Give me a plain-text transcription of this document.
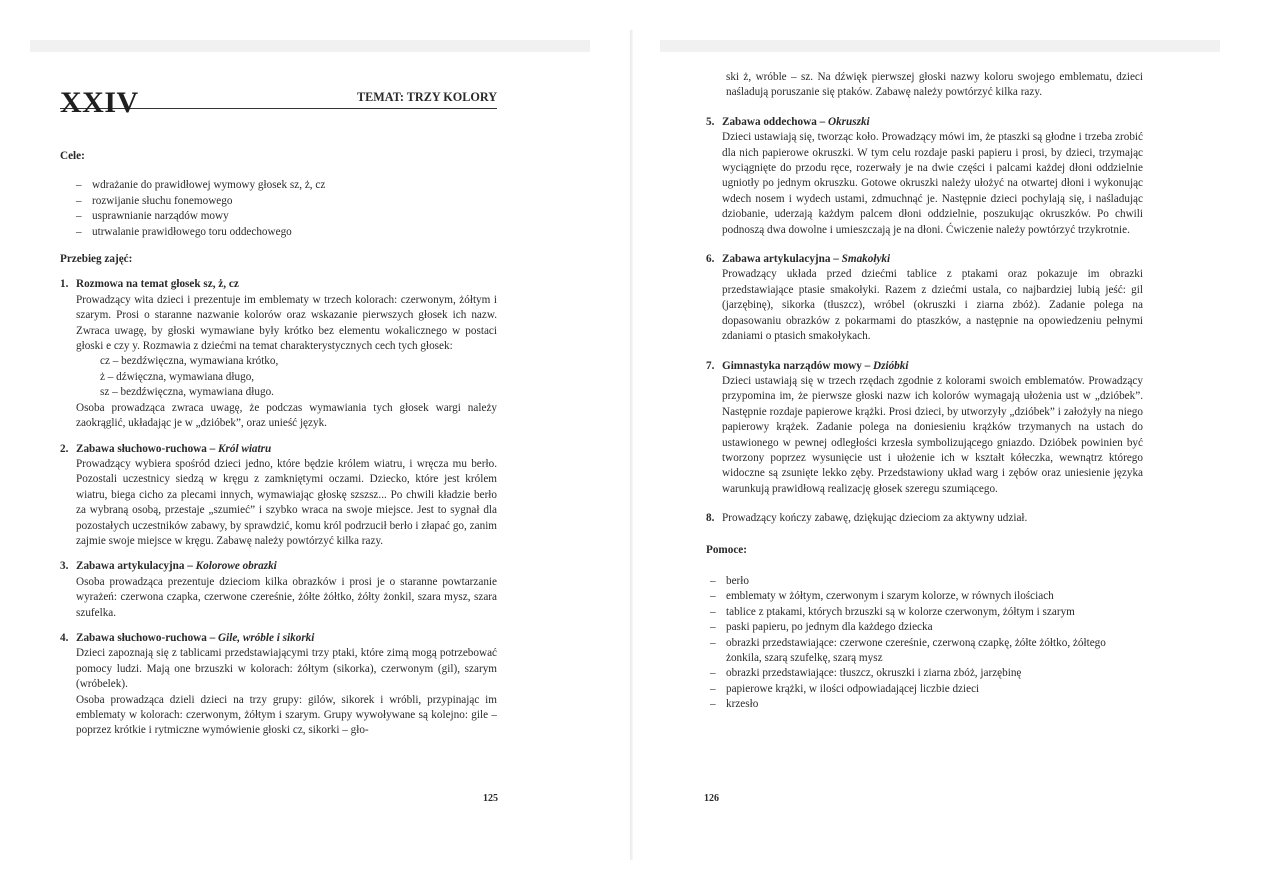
XXIV	TEMAT: TRZY KOLORY
Cele:
– wdrażanie do prawidłowej wymowy głosek sz, ż, cz
– rozwijanie słuchu fonemowego
– usprawnianie narządów mowy
– utrwalanie prawidłowego toru oddechowego
Przebieg zajęć:
1. Rozmowa na temat głosek sz, ż, cz

Prowadzący wita dzieci i prezentuje im emblematy w trzech kolorach: czerwonym, żółtym i szarym. Prosi o staranne nazwanie kolorów oraz wskazanie pierwszych głosek ich nazw. Zwraca uwagę, by głoski wymawiane były krótko bez elementu wokalicznego w postaci głoski e czy y. Rozmawia z dziećmi na temat charakterystycznych cech tych głosek:

cz – bezdźwięczna, wymawiana krótko,
ż – dźwięczna, wymawiana długo,
sz – bezdźwięczna, wymawiana długo.

Osoba prowadząca zwraca uwagę, że podczas wymawiania tych głosek wargi należy zaokrąglić, układając je w „dzióbek”, oraz unieść język.

2. Zabawa słuchowo-ruchowa – Król wiatru

Prowadzący wybiera spośród dzieci jedno, które będzie królem wiatru, i wręcza mu berło. Pozostali uczestnicy siedzą w kręgu z zamkniętymi oczami. Dziecko, które jest królem wiatru, biega cicho za plecami innych, wymawiając głoskę szszsz... Po chwili kładzie berło za wybraną osobą, przestaje „szumieć” i szybko wraca na swoje miejsce. Jest to sygnał dla pozostałych uczestników zabawy, by sprawdzić, komu król podrzucił berło i złapać go, zanim zajmie swoje miejsce w kręgu. Zabawę należy powtórzyć kilka razy.

3. Zabawa artykulacyjna – Kolorowe obrazki

Osoba prowadząca prezentuje dzieciom kilka obrazków i prosi je o staranne powtarzanie wyrażeń: czerwona czapka, czerwone czereśnie, żółte żółtko, żółty żonkil, szara mysz, szara szufelka.

4. Zabawa słuchowo-ruchowa – Gile, wróble i sikorki

Dzieci zapoznają się z tablicami przedstawiającymi trzy ptaki, które zimą mogą potrzebować pomocy ludzi. Mają one brzuszki w kolorach: żółtym (sikorka), czerwonym (gil), szarym (wróbelek).

Osoba prowadząca dzieli dzieci na trzy grupy: gilów, sikorek i wróbli, przypinając im emblematy w kolorach: czerwonym, żółtym i szarym. Grupy wywoływane są kolejno: gile – poprzez krótkie i rytmiczne wymówienie głoski cz, sikorki – gło-

125

ski ż, wróble – sz. Na dźwięk pierwszej głoski nazwy koloru swojego emblematu, dzieci naśladują poruszanie się ptaków. Zabawę należy powtórzyć kilka razy.

5. Zabawa oddechowa – Okruszki

Dzieci ustawiają się, tworząc koło. Prowadzący mówi im, że ptaszki są głodne i trzeba zrobić dla nich papierowe okruszki. W tym celu rozdaje paski papieru i prosi, by dzieci, trzymając wyciągnięte do przodu ręce, rozerwały je na dwie części i palcami każdej dłoni oddzielnie ugniotły po jednym okruszku. Gotowe okruszki należy ułożyć na otwartej dłoni i wykonując wdech nosem i wydech ustami, zdmuchnąć je. Następnie dzieci pochylają się, i naśladując dziobanie, uderzają każdym palcem dłoni oddzielnie, poszukując okruszków. Po chwili podnoszą dwa dowolne i umieszczają je na dłoni. Ćwiczenie należy powtórzyć trzykrotnie.

6. Zabawa artykulacyjna – Smakołyki

Prowadzący układa przed dziećmi tablice z ptakami oraz pokazuje im obrazki przedstawiające ptasie smakołyki. Razem z dziećmi ustala, co najbardziej lubią jeść: gil (jarzębinę), sikorka (tłuszcz), wróbel (okruszki i ziarna zbóż). Zadanie polega na dopasowaniu obrazków z pokarmami do ptaszków, a następnie na opowiedzeniu pełnymi zdaniami o ptasich smakołykach.

7. Gimnastyka narządów mowy – Dzióbki

Dzieci ustawiają się w trzech rzędach zgodnie z kolorami swoich emblematów. Prowadzący przypomina im, że pierwsze głoski nazw ich kolorów wymagają ułożenia ust w „dzióbek”. Następnie rozdaje papierowe krążki. Prosi dzieci, by utworzyły „dzióbek” i założyły na niego papierowy krążek. Zadanie polega na doniesieniu krążków trzymanych na ustach do ustawionego w pewnej odległości krzesła symbolizującego gniazdo. Dzióbek powinien być tworzony poprzez wysunięcie ust i ułożenie ich w kształt kółeczka, wewnątrz którego widoczne są zsunięte lekko zęby. Przedstawiony układ warg i zębów oraz uniesienie języka warunkują prawidłową realizację głosek szeregu szumiącego.

8. Prowadzący kończy zabawę, dziękując dzieciom za aktywny udział.

Pomoce:
– berło
– emblematy w żółtym, czerwonym i szarym kolorze, w równych ilościach
– tablice z ptakami, których brzuszki są w kolorze czerwonym, żółtym i szarym
– paski papieru, po jednym dla każdego dziecka
– obrazki przedstawiające: czerwone czereśnie, czerwoną czapkę, żółte żółtko, żółtego żonkila, szarą szufelkę, szarą mysz
– obrazki przedstawiające: tłuszcz, okruszki i ziarna zbóż, jarzębinę
– papierowe krążki, w ilości odpowiadającej liczbie dzieci
– krzesło
126
